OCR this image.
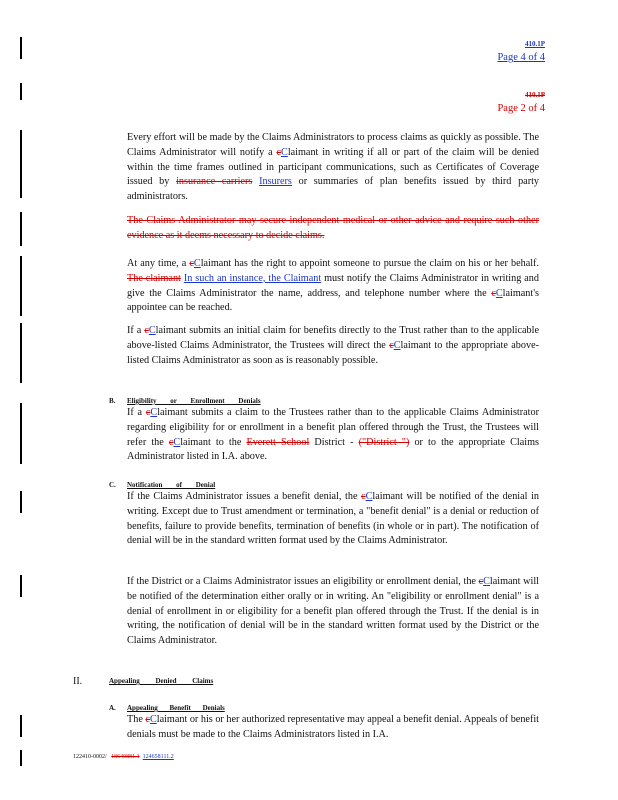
410.1P
Page 4 of 4
410.1P
Page 2 of 4
Every effort will be made by the Claims Administrators to process claims as quickly as possible. The Claims Administrator will notify a cClaimant in writing if all or part of the claim will be denied within the time frames outlined in participant communications, such as Certificates of Coverage issued by insurance carriers Insurers or summaries of plan benefits issued by third party administrators.
The Claims Administrator may secure independent medical or other advice and require such other evidence as it deems necessary to decide claims.
At any time, a cClaimant has the right to appoint someone to pursue the claim on his or her behalf. The claimant In such an instance, the Claimant must notify the Claims Administrator in writing and give the Claims Administrator the name, address, and telephone number where the cClaimant's appointee can be reached.
If a cClaimant submits an initial claim for benefits directly to the Trust rather than to the applicable above-listed Claims Administrator, the Trustees will direct the cClaimant to the appropriate above-listed Claims Administrator as soon as is reasonably possible.
B. Eligibility or Enrollment Denials
If a cClaimant submits a claim to the Trustees rather than to the applicable Claims Administrator regarding eligibility for or enrollment in a benefit plan offered through the Trust, the Trustees will refer the cClaimant to the Everett School District - ("District ") or to the appropriate Claims Administrator listed in I.A. above.
C. Notification of Denial
If the Claims Administrator issues a benefit denial, the cClaimant will be notified of the denial in writing. Except due to Trust amendment or termination, a "benefit denial" is a denial or reduction of benefits, failure to provide benefits, termination of benefits (in whole or in part). The notification of denial will be in the standard written format used by the Claims Administrator.
If the District or a Claims Administrator issues an eligibility or enrollment denial, the cClaimant will be notified of the determination either orally or in writing. An "eligibility or enrollment denial" is a denial of enrollment in or eligibility for a benefit plan offered through the Trust. If the denial is in writing, the notification of denial will be in the standard written format used by the District or the Claims Administrator.
II.	Appealing Denied Claims
A. Appealing Benefit Denials
The cClaimant or his or her authorized representative may appeal a benefit denial. Appeals of benefit denials must be made to the Claims Administrators listed in I.A.
122410-0002/ 18640881.1 124658111.2
